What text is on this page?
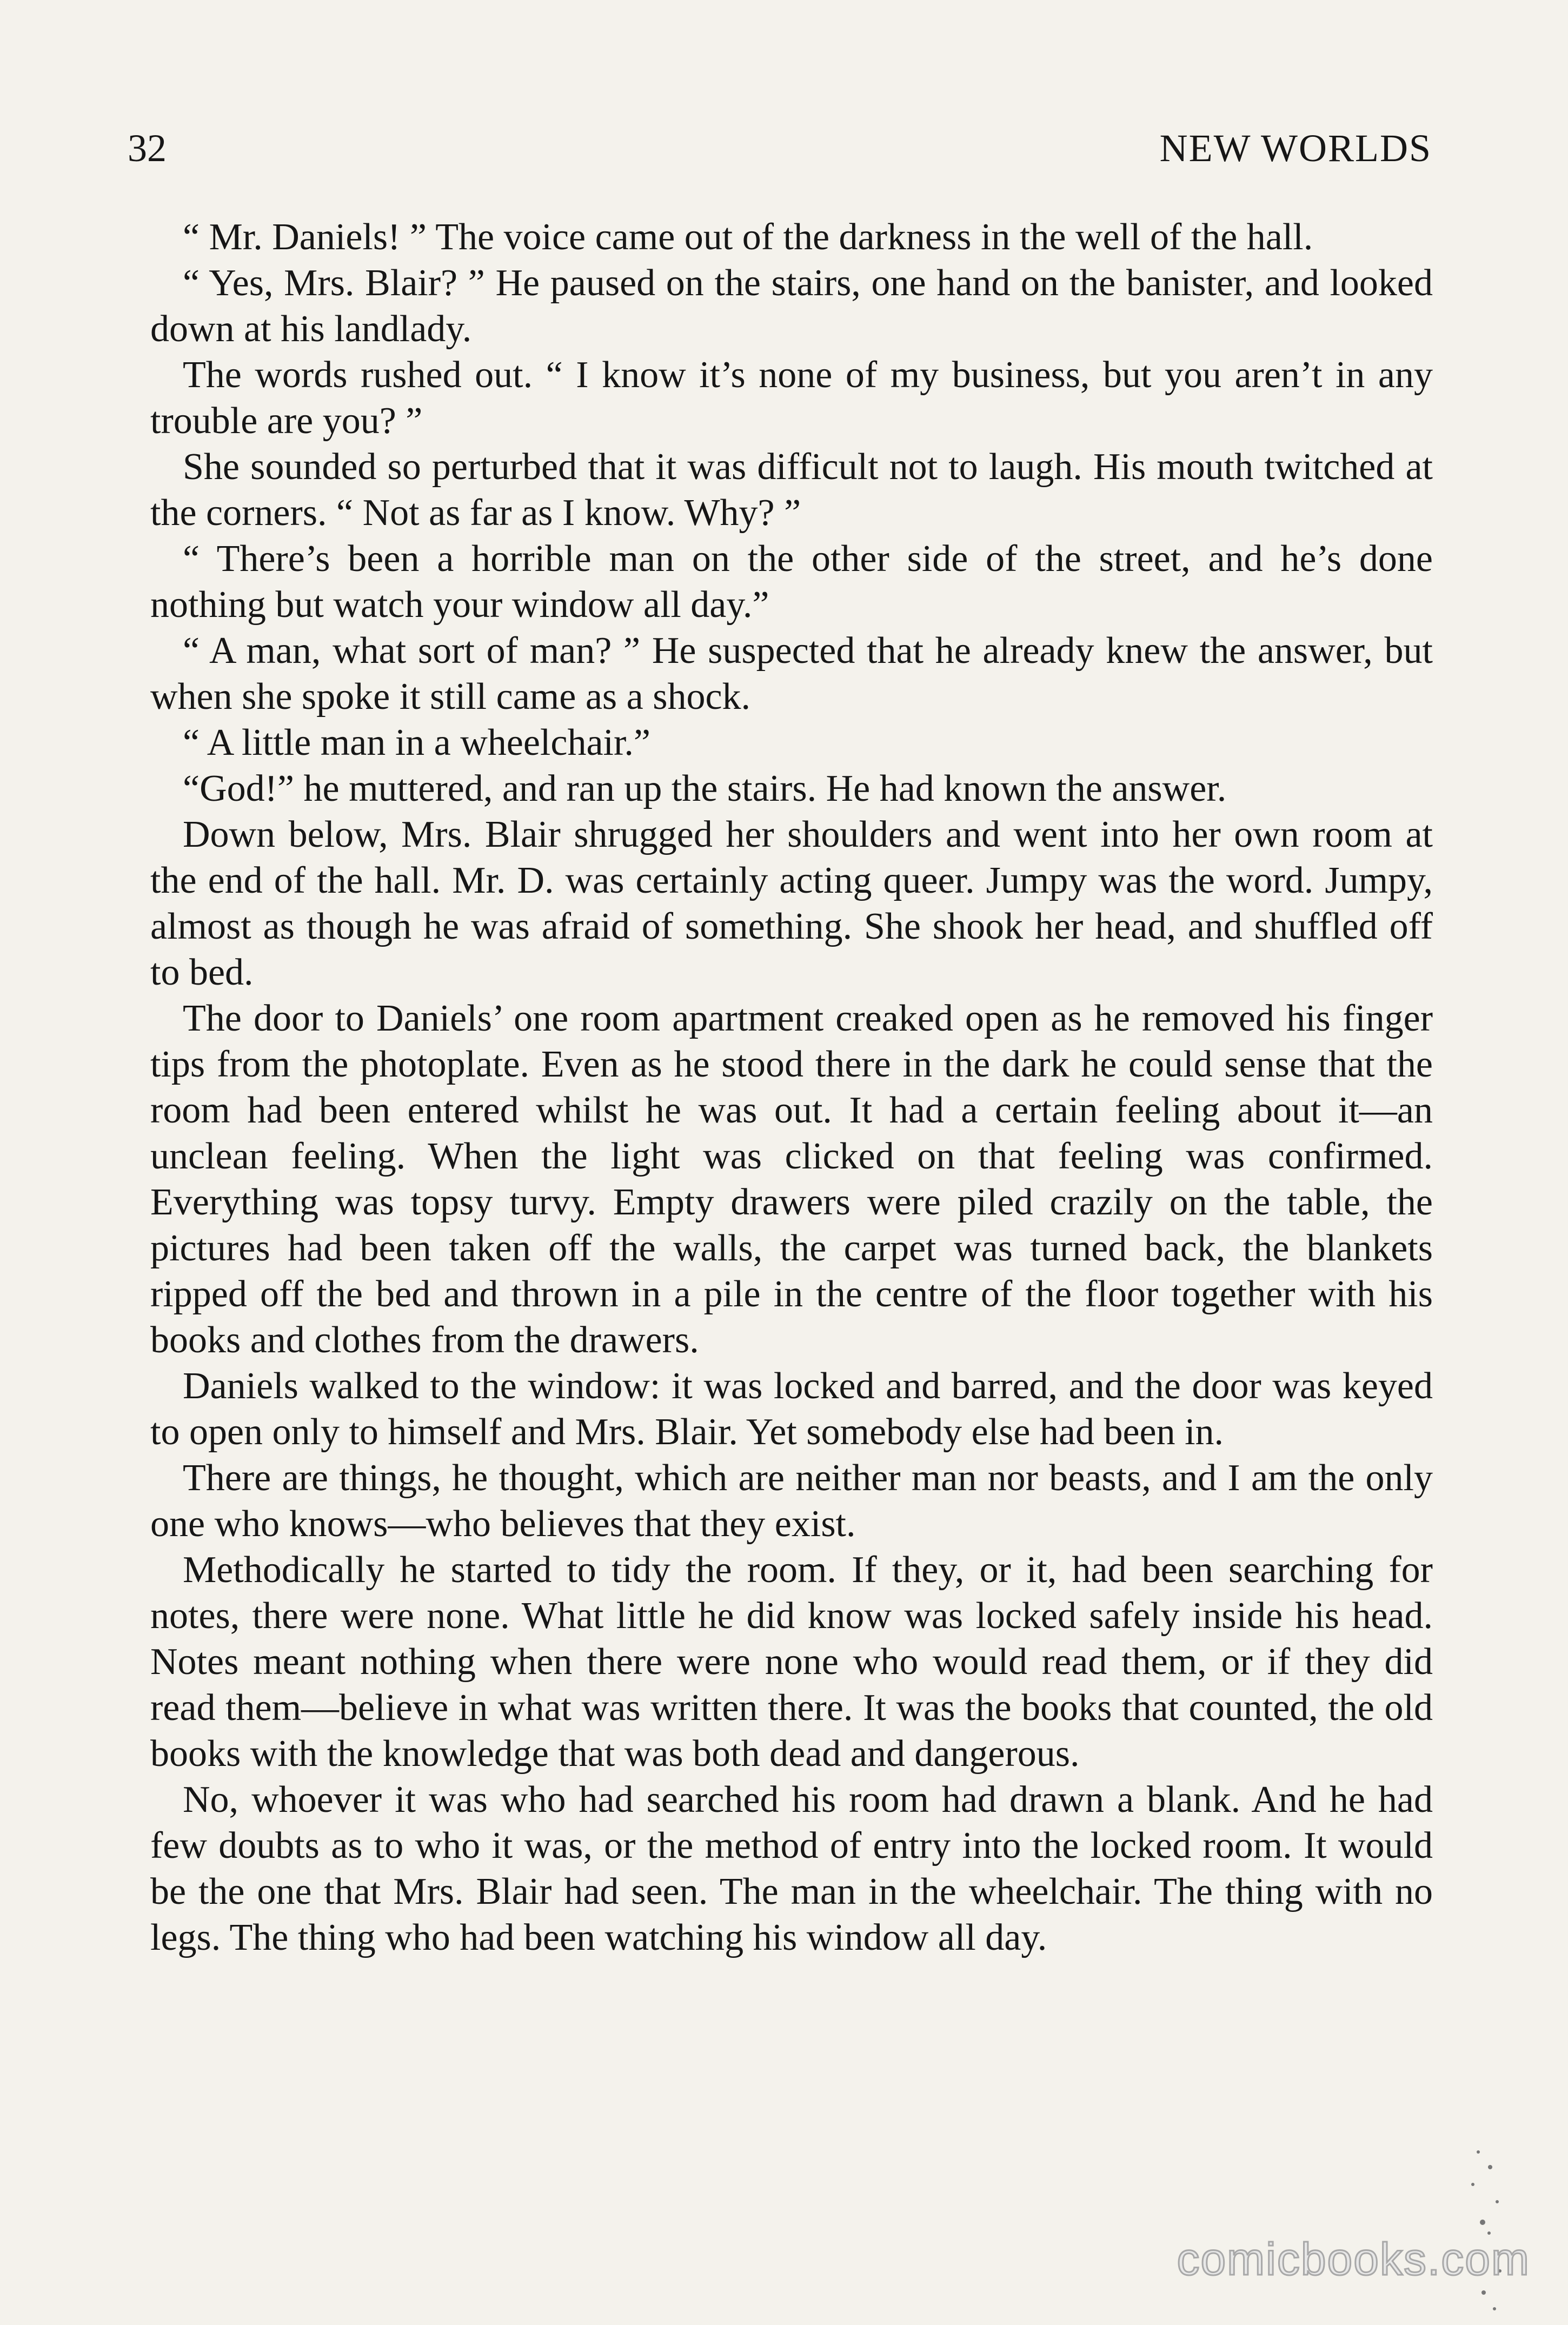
32	NEW WORLDS

“ Mr. Daniels! ” The voice came out of the darkness in the well of the hall.

“ Yes, Mrs. Blair? ” He paused on the stairs, one hand on the banister, and looked down at his landlady.

The words rushed out. “ I know it’s none of my business, but you aren’t in any trouble are you? ”

She sounded so perturbed that it was difficult not to laugh. His mouth twitched at the corners. “ Not as far as I know. Why? ”

“ There’s been a horrible man on the other side of the street, and he’s done nothing but watch your window all day.”

“ A man, what sort of man? ” He suspected that he already knew the answer, but when she spoke it still came as a shock.

“ A little man in a wheelchair.”

“God!” he muttered, and ran up the stairs. He had known the answer.

Down below, Mrs. Blair shrugged her shoulders and went into her own room at the end of the hall. Mr. D. was certainly acting queer. Jumpy was the word. Jumpy, almost as though he was afraid of something. She shook her head, and shuffled off to bed.

The door to Daniels’ one room apartment creaked open as he removed his finger tips from the photoplate. Even as he stood there in the dark he could sense that the room had been entered whilst he was out. It had a certain feeling about it—an unclean feeling. When the light was clicked on that feeling was confirmed. Everything was topsy turvy. Empty drawers were piled crazily on the table, the pictures had been taken off the walls, the carpet was turned back, the blankets ripped off the bed and thrown in a pile in the centre of the floor together with his books and clothes from the drawers.

Daniels walked to the window: it was locked and barred, and the door was keyed to open only to himself and Mrs. Blair. Yet somebody else had been in.

There are things, he thought, which are neither man nor beasts, and I am the only one who knows—who believes that they exist.

Methodically he started to tidy the room. If they, or it, had been searching for notes, there were none. What little he did know was locked safely inside his head. Notes meant nothing when there were none who would read them, or if they did read them—believe in what was written there. It was the books that counted, the old books with the knowledge that was both dead and dangerous.

No, whoever it was who had searched his room had drawn a blank. And he had few doubts as to who it was, or the method of entry into the locked room. It would be the one that Mrs. Blair had seen. The man in the wheelchair. The thing with no legs. The thing who had been watching his window all day.

comicbooks.com
